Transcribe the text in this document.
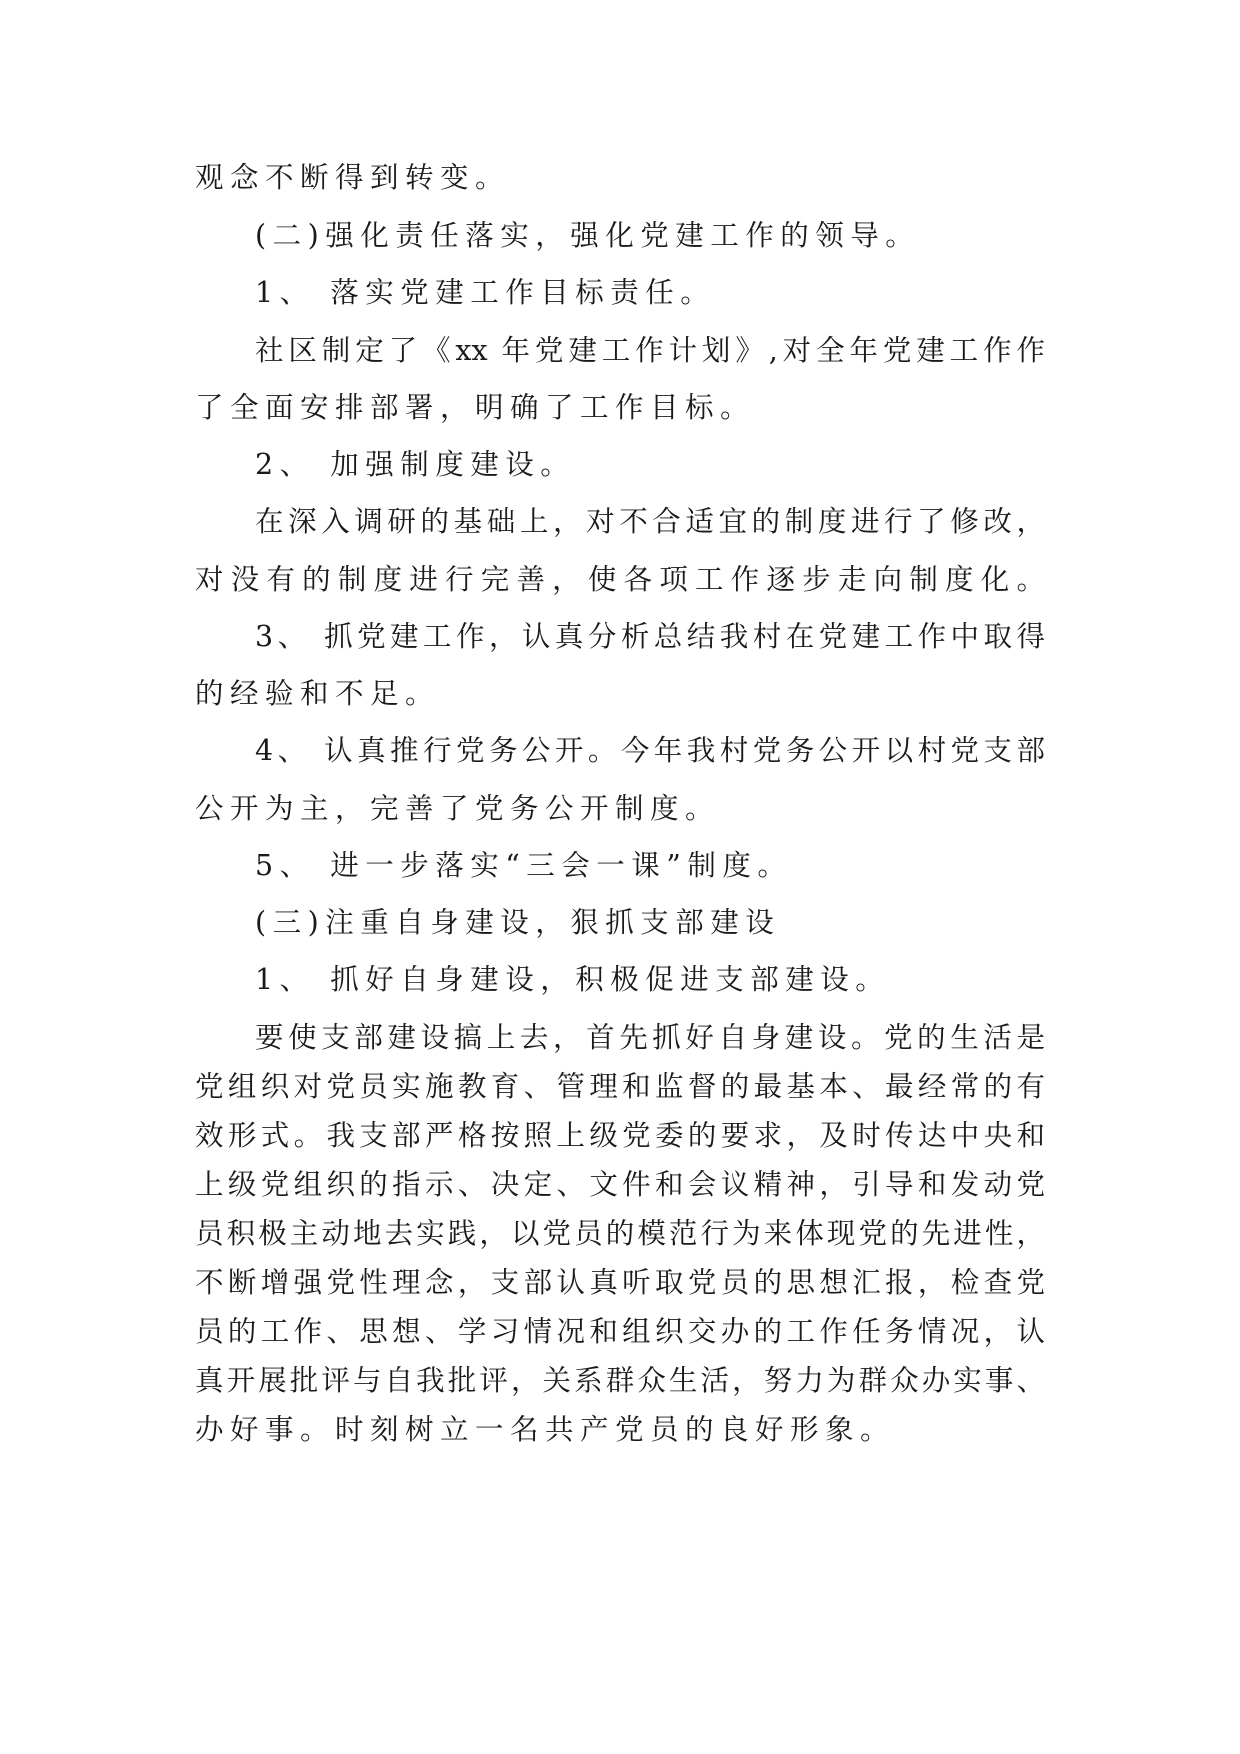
观念不断得到转变。

(二)强化责任落实，强化党建工作的领导。

1、 落实党建工作目标责任。

社区制定了《xx 年党建工作计划》,对全年党建工作作

了全面安排部署，明确了工作目标。

2、 加强制度建设。

在深入调研的基础上，对不合适宜的制度进行了修改，

对没有的制度进行完善，使各项工作逐步走向制度化。

3、 抓党建工作，认真分析总结我村在党建工作中取得

的经验和不足。

4、 认真推行党务公开。今年我村党务公开以村党支部

公开为主，完善了党务公开制度。

5、 进一步落实“三会一课”制度。

(三)注重自身建设，狠抓支部建设

1、 抓好自身建设，积极促进支部建设。

要使支部建设搞上去，首先抓好自身建设。党的生活是

党组织对党员实施教育、管理和监督的最基本、最经常的有

效形式。我支部严格按照上级党委的要求，及时传达中央和

上级党组织的指示、决定、文件和会议精神，引导和发动党

员积极主动地去实践，以党员的模范行为来体现党的先进性，

不断增强党性理念，支部认真听取党员的思想汇报，检查党

员的工作、思想、学习情况和组织交办的工作任务情况，认

真开展批评与自我批评，关系群众生活，努力为群众办实事、

办好事。时刻树立一名共产党员的良好形象。
